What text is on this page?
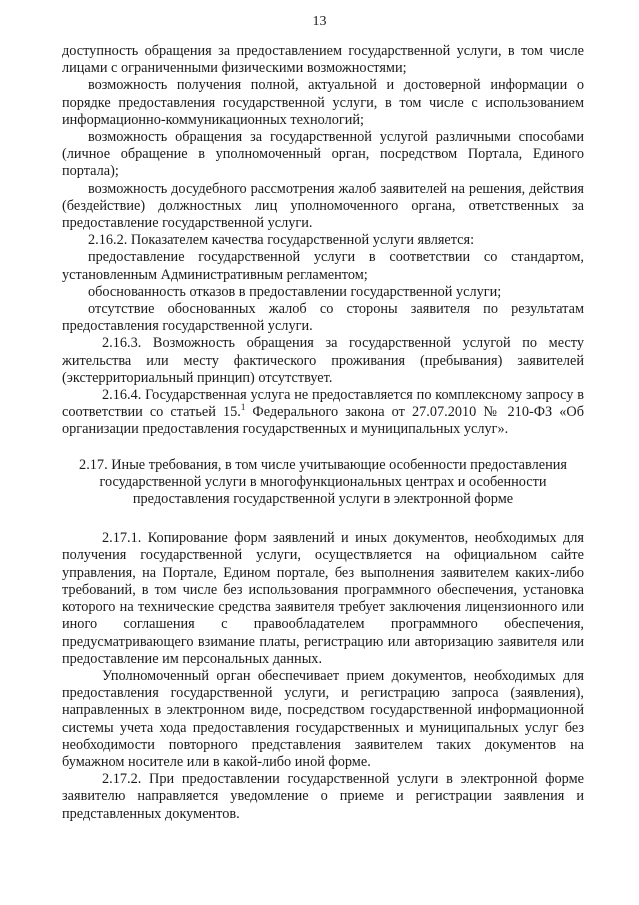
13

доступность обращения за предоставлением государственной услуги, в том числе лицами с ограниченными физическими возможностями;

возможность получения полной, актуальной и достоверной информации о порядке предоставления государственной услуги, в том числе с использованием информационно-коммуникационных технологий;

возможность обращения за государственной услугой различными способами (личное обращение в уполномоченный орган, посредством Портала, Единого портала);

возможность досудебного рассмотрения жалоб заявителей на решения, действия (бездействие) должностных лиц уполномоченного органа, ответственных за предоставление государственной услуги.

2.16.2. Показателем качества государственной услуги является:

предоставление государственной услуги в соответствии со стандартом, установленным Административным регламентом;

обоснованность отказов в предоставлении государственной услуги;

отсутствие обоснованных жалоб со стороны заявителя по результатам предоставления государственной услуги.

2.16.3. Возможность обращения за государственной услугой по месту жительства или месту фактического проживания (пребывания) заявителей (экстерриториальный принцип) отсутствует.

2.16.4. Государственная услуга не предоставляется по комплексному запросу в соответствии со статьей 15.$^1$ Федерального закона от 27.07.2010 № 210-ФЗ «Об организации предоставления государственных и муниципальных услуг».

2.17. Иные требования, в том числе учитывающие особенности предоставления государственной услуги в многофункциональных центрах и особенности предоставления государственной услуги в электронной форме

2.17.1. Копирование форм заявлений и иных документов, необходимых для получения государственной услуги, осуществляется на официальном сайте управления, на Портале, Едином портале, без выполнения заявителем каких-либо требований, в том числе без использования программного обеспечения, установка которого на технические средства заявителя требует заключения лицензионного или иного соглашения с правообладателем программного обеспечения, предусматривающего взимание платы, регистрацию или авторизацию заявителя или предоставление им персональных данных.

Уполномоченный орган обеспечивает прием документов, необходимых для предоставления государственной услуги, и регистрацию запроса (заявления), направленных в электронном виде, посредством государственной информационной системы учета хода предоставления государственных и муниципальных услуг без необходимости повторного представления заявителем таких документов на бумажном носителе или в какой-либо иной форме.

2.17.2. При предоставлении государственной услуги в электронной форме заявителю направляется уведомление о приеме и регистрации заявления и представленных документов.
